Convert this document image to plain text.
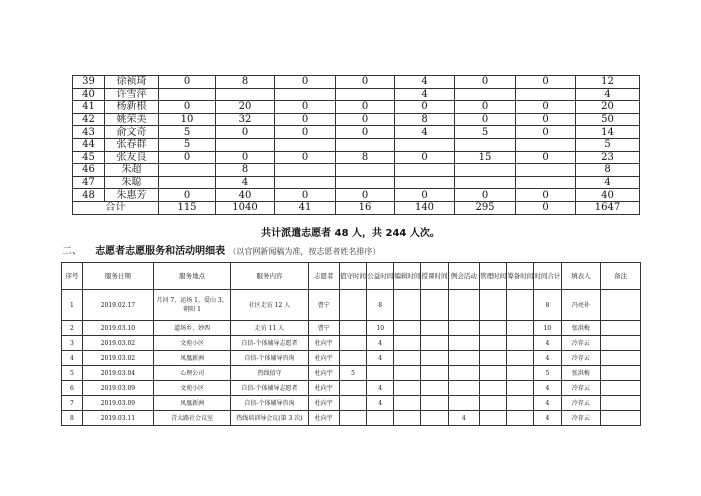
39	徐祯琦	0	8	0	0	4	0	0	12
40	许雪萍					4			4
41	杨新根	0	20	0	0	0	0	0	20
42	姚荣美	10	32	0	0	8	0	0	50
43	俞文奇	5	0	0	0	4	5	0	14
44	张春群	5							5
45	张友良	0	0	0	8	0	15	0	23
46	朱超		8						8
47	朱聪		4						4
48	朱惠芳	0	40	0	0	0	0	0	40
合计		115	1040	41	16	140	295	0	1647
共计派遣志愿者 48 人，共 244 人次。
二、 志愿者志愿服务和活动明细表 （以官网新闻稿为准，按志愿者姓名排序）
序号	服务日期	服务地点	服务内容	志愿者	值守时间	公益时间	编辑时间	授课时间	例会活动	管理时间	筹备时间	时间合计	填表人	备注
1	2019.02.17	月河 7、运场 1、爱山 3、朝阳 1	社区走访 12 人	曹宁		8						8	冯亮补	
2	2019.03.10	道场乡、妙西	走访 11 人	曹宁		10						10	张洪梅	
3	2019.03.02	文苑小区	自信-个体辅导志愿者	杜向宇		4						4	冷存云	
4	2019.03.02	凤凰新洲	自信-个体辅导咨询	杜向宇		4						4	冷存云	
5	2019.03.04	心理公司	热线值守	杜向宇	5							5	张洪梅	
6	2019.03.09	文苑小区	自信-个体辅导志愿者	杜向宇		4						4	冷存云	
7	2019.03.09	凤凰新洲	自信-个体辅导咨询	杜向宇		4						4	冷存云	
8	2019.03.11	青太路社会议室	热线培训导会议(第 3 次)	杜向宇					4			4	冷存云	
